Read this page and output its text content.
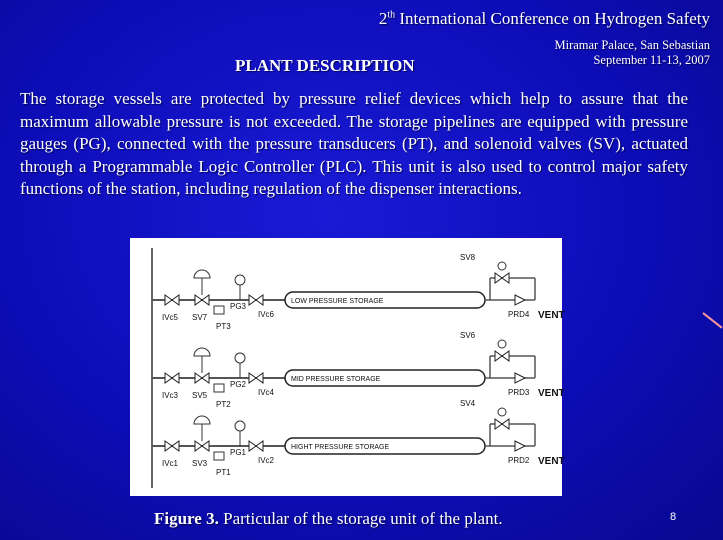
2th International Conference on Hydrogen Safety
Miramar Palace, San Sebastian
September 11-13, 2007
PLANT DESCRIPTION
The storage vessels are protected by pressure relief devices which help to assure that the maximum allowable pressure is not exceeded. The storage pipelines are equipped with pressure gauges (PG), connected with the pressure transducers (PT), and solenoid valves (SV), actuated through a Programmable Logic Controller (PLC). This unit is also used to control major safety functions of the station, including regulation of the dispenser interactions.
IVc5 SV7
PG3
IVc6
PT3
LOW PRESSURE STORAGE
SV8
PRD4 VENT
IVc3 SV5
PG2
IVc4
PT2
MID PRESSURE STORAGE
SV6
PRD3 VENT
IVc1 SV3
PG1
IVc2
PT1
HIGHT PRESSURE STORAGE
SV4
PRD2 VENT
Figure 3. Particular of the storage unit of the plant.	8
